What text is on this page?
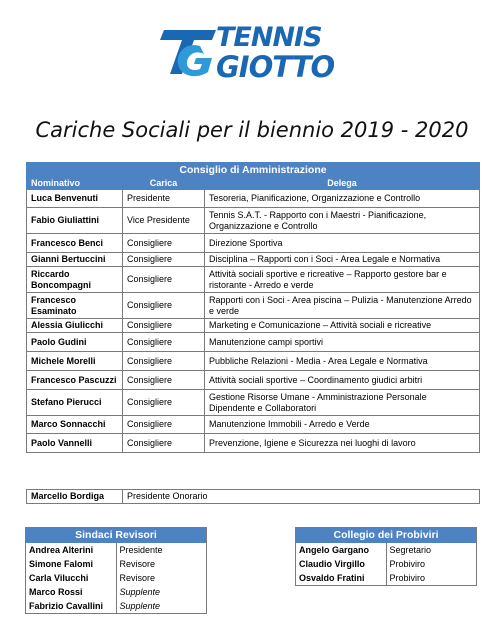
TENNIS
GIOTTO
Cariche Sociali per il biennio 2019 - 2020
Consiglio di Amministrazione		
Nominativo	Carica	Delega
Luca Benvenuti	Presidente	Tesoreria, Pianificazione, Organizzazione e Controllo
Fabio Giuliattini	Vice Presidente	Tennis S.A.T. - Rapporto con i Maestri - Pianificazione, Organizzazione e Controllo
Francesco Benci	Consigliere	Direzione Sportiva
Gianni Bertuccini	Consigliere	Disciplina – Rapporti con i Soci - Area Legale e Normativa
Riccardo Boncompagni	Consigliere	Attività sociali sportive e ricreative – Rapporto gestore bar e ristorante - Arredo e verde
Francesco Esaminato	Consigliere	Rapporti con i Soci - Area piscina – Pulizia - Manutenzione Arredo e verde
Alessia Giulicchi	Consigliere	Marketing e Comunicazione – Attività sociali e ricreative
Paolo Gudini	Consigliere	Manutenzione campi sportivi
Michele Morelli	Consigliere	Pubbliche Relazioni - Media - Area Legale e Normativa
Francesco Pascuzzi	Consigliere	Attività sociali sportive – Coordinamento giudici arbitri
Stefano Pierucci	Consigliere	Gestione Risorse Umane - Amministrazione Personale Dipendente e Collaboratori
Marco Sonnacchi	Consigliere	Manutenzione Immobili - Arredo e Verde
Paolo Vannelli	Consigliere	Prevenzione, Igiene e Sicurezza nei luoghi di lavoro
Marcello Bordiga	Presidente Onorario
Sindaci Revisori	
Andrea Alterini	Presidente
Simone Falomi	Revisore
Carla Vilucchi	Revisore
Marco Rossi	Supplente
Fabrizio Cavallini	Supplente
Collegio dei Probiviri	
Angelo Gargano	Segretario
Claudio Virgillo	Probiviro
Osvaldo Fratini	Probiviro
